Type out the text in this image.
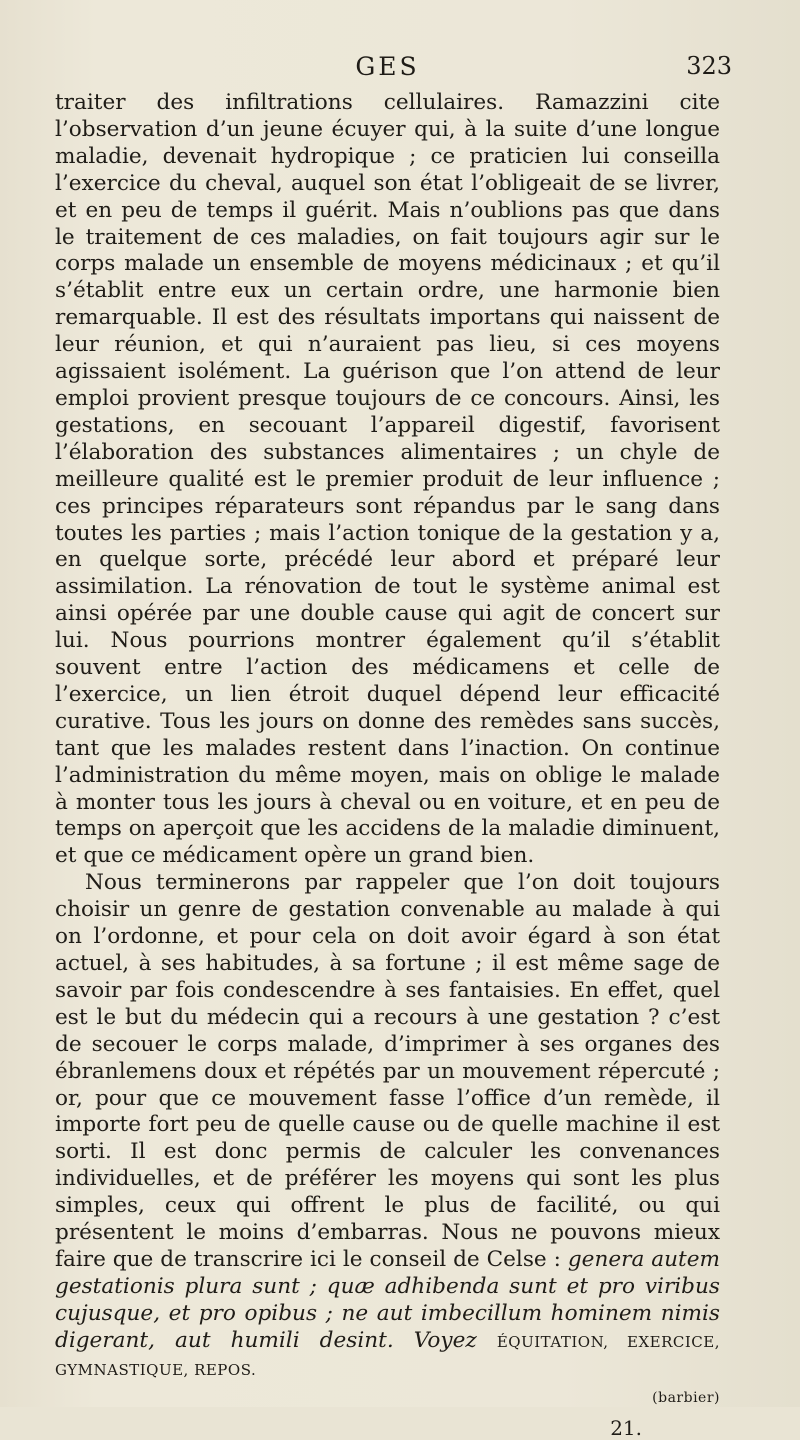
GES	323

traiter des infiltrations cellulaires. Ramazzini cite l’observation d’un jeune écuyer qui, à la suite d’une longue maladie, devenait hydropique ; ce praticien lui conseilla l’exercice du cheval, auquel son état l’obligeait de se livrer, et en peu de temps il guérit. Mais n’oublions pas que dans le traitement de ces maladies, on fait toujours agir sur le corps malade un ensemble de moyens médicinaux ; et qu’il s’établit entre eux un certain ordre, une harmonie bien remarquable. Il est des résultats importans qui naissent de leur réunion, et qui n’auraient pas lieu, si ces moyens agissaient isolément. La guérison que l’on attend de leur emploi provient presque toujours de ce concours. Ainsi, les gestations, en secouant l’appareil digestif, favorisent l’élaboration des substances alimentaires ; un chyle de meilleure qualité est le premier produit de leur influence ; ces principes réparateurs sont répandus par le sang dans toutes les parties ; mais l’action tonique de la gestation y a, en quelque sorte, précédé leur abord et préparé leur assimilation. La rénovation de tout le système animal est ainsi opérée par une double cause qui agit de concert sur lui. Nous pourrions montrer également qu’il s’établit souvent entre l’action des médicamens et celle de l’exercice, un lien étroit duquel dépend leur efficacité curative. Tous les jours on donne des remèdes sans succès, tant que les malades restent dans l’inaction. On continue l’administration du même moyen, mais on oblige le malade à monter tous les jours à cheval ou en voiture, et en peu de temps on aperçoit que les accidens de la maladie diminuent, et que ce médicament opère un grand bien.

Nous terminerons par rappeler que l’on doit toujours choisir un genre de gestation convenable au malade à qui on l’ordonne, et pour cela on doit avoir égard à son état actuel, à ses habitudes, à sa fortune ; il est même sage de savoir par fois condescendre à ses fantaisies. En effet, quel est le but du médecin qui a recours à une gestation ? c’est de secouer le corps malade, d’imprimer à ses organes des ébranlemens doux et répétés par un mouvement répercuté ; or, pour que ce mouvement fasse l’office d’un remède, il importe fort peu de quelle cause ou de quelle machine il est sorti. Il est donc permis de calculer les convenances individuelles, et de préférer les moyens qui sont les plus simples, ceux qui offrent le plus de facilité, ou qui présentent le moins d’embarras. Nous ne pouvons mieux faire que de transcrire ici le conseil de Celse : genera autem gestationis plura sunt ; quæ adhibenda sunt et pro viribus cujusque, et pro opibus ; ne aut imbecillum hominem nimis digerant, aut humili desint. Voyez ÉQUITATION, EXERCICE, GYMNASTIQUE, REPOS.

(barbier)
21.
